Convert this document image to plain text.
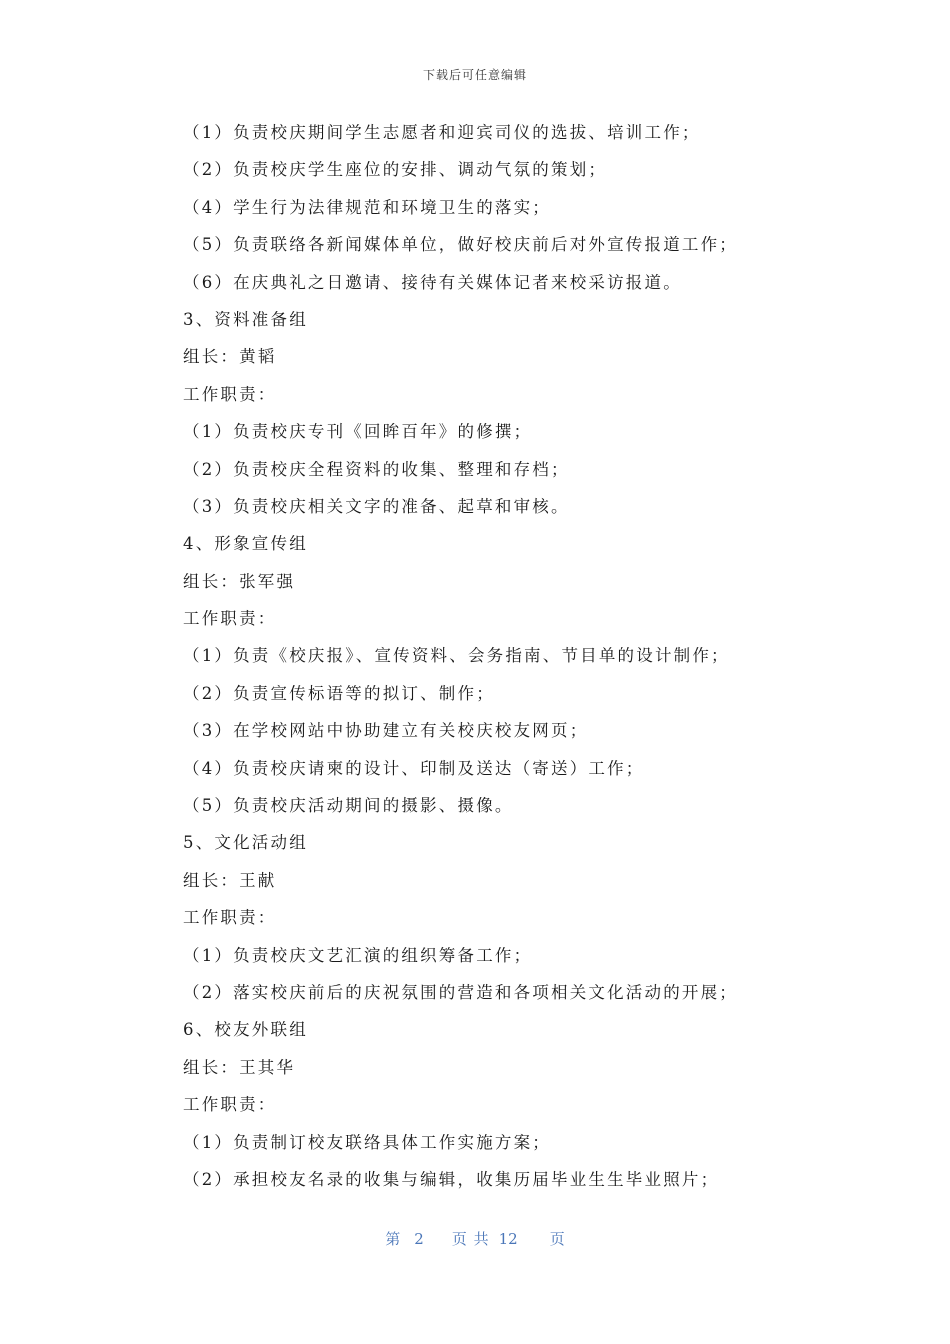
下载后可任意编辑
（1）负责校庆期间学生志愿者和迎宾司仪的选拔、培训工作；
（2）负责校庆学生座位的安排、调动气氛的策划；
（4）学生行为法律规范和环境卫生的落实；
（5）负责联络各新闻媒体单位，做好校庆前后对外宣传报道工作；
（6）在庆典礼之日邀请、接待有关媒体记者来校采访报道。
3、资料准备组
组长：黄韬
工作职责：
（1）负责校庆专刊《回眸百年》的修撰；
（2）负责校庆全程资料的收集、整理和存档；
（3）负责校庆相关文字的准备、起草和审核。
4、形象宣传组
组长：张军强
工作职责：
（1）负责《校庆报》、宣传资料、会务指南、节目单的设计制作；
（2）负责宣传标语等的拟订、制作；
（3）在学校网站中协助建立有关校庆校友网页；
（4）负责校庆请柬的设计、印制及送达（寄送）工作；
（5）负责校庆活动期间的摄影、摄像。
5、文化活动组
组长：王献
工作职责：
（1）负责校庆文艺汇演的组织筹备工作；
（2）落实校庆前后的庆祝氛围的营造和各项相关文化活动的开展；
6、校友外联组
组长：王其华
工作职责：
（1）负责制订校友联络具体工作实施方案；
（2）承担校友名录的收集与编辑，收集历届毕业生生毕业照片；
第 2 页 共 12 页
